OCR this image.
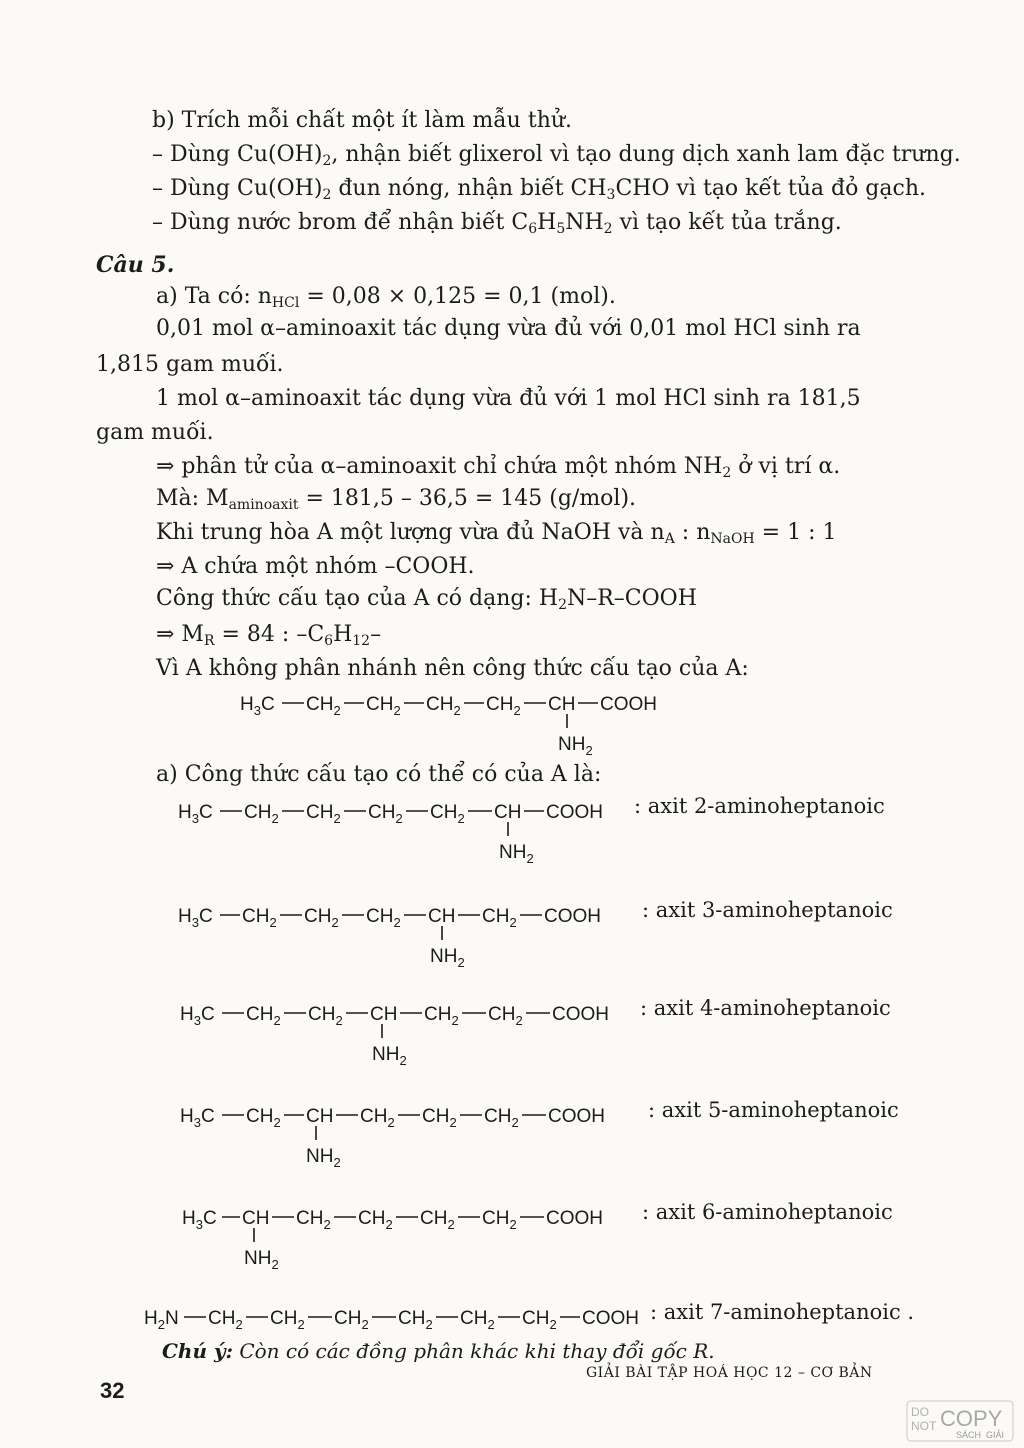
b) Trích mỗi chất một ít làm mẫu thử.
– Dùng $Cu(OH)_2$, nhận biết glixerol vì tạo dung dịch xanh lam đặc trưng.
– Dùng $Cu(OH)_2$ đun nóng, nhận biết $CH_3CHO$ vì tạo kết tủa đỏ gạch.
– Dùng nước brom để nhận biết $C_6H_5NH_2$ vì tạo kết tủa trắng.
Câu 5.
a) Ta có: $n_{HCl} = 0,08 \times 0,125 = 0,1$ (mol).
0,01 mol α–aminoaxit tác dụng vừa đủ với 0,01 mol HCl sinh ra
1,815 gam muối.
1 mol α–aminoaxit tác dụng vừa đủ với 1 mol HCl sinh ra 181,5
gam muối.
⇒ phân tử của α–aminoaxit chỉ chứa một nhóm $NH_2$ ở vị trí α.
Mà: $M_{aminoaxit} = 181,5 - 36,5 = 145$ (g/mol).
Khi trung hòa A một lượng vừa đủ NaOH và $n_A$ : $n_{NaOH} = 1$ : 1
⇒ A chứa một nhóm –COOH.
Công thức cấu tạo của A có dạng: $H_2N-R$–COOH
⇒ $M_R = 84$ : $-C_6H_{12}-$
Vì A không phân nhánh nên công thức cấu tạo của A:
$H_3C$ $CH_2$ $CH_2$ $CH_2$ $CH_2$ CH COOH
$NH_2$
a) Công thức cấu tạo có thể có của A là:
$H_3C$ $CH_2$ $CH_2$ $CH_2$ $CH_2$ CH COOH
$NH_2$
: axit 2-aminoheptanoic
$H_3C$ $CH_2$ $CH_2$ $CH_2$ CH $CH_2$ COOH
$NH_2$
: axit 3-aminoheptanoic
$H_3C$ $CH_2$ $CH_2$ CH $CH_2$ $CH_2$ COOH
$NH_2$
: axit 4-aminoheptanoic
$H_3C$ $CH_2$ CH $CH_2$ $CH_2$ $CH_2$ COOH
$NH_2$
: axit 5-aminoheptanoic
$H_3C$ CH $CH_2$ $CH_2$ $CH_2$ $CH_2$ COOH
$NH_2$
: axit 6-aminoheptanoic
$H_2N$ $CH_2$ $CH_2$ $CH_2$ $CH_2$ $CH_2$ $CH_2$ COOH : axit 7-aminoheptanoic .
Chú ý: Còn có các đồng phân khác khi thay đổi gốc R.
GIẢI BÀI TẬP HOÁ HỌC 12 – CƠ BẢN
32
DO
NOT COPY
SÁCH GIẢI
